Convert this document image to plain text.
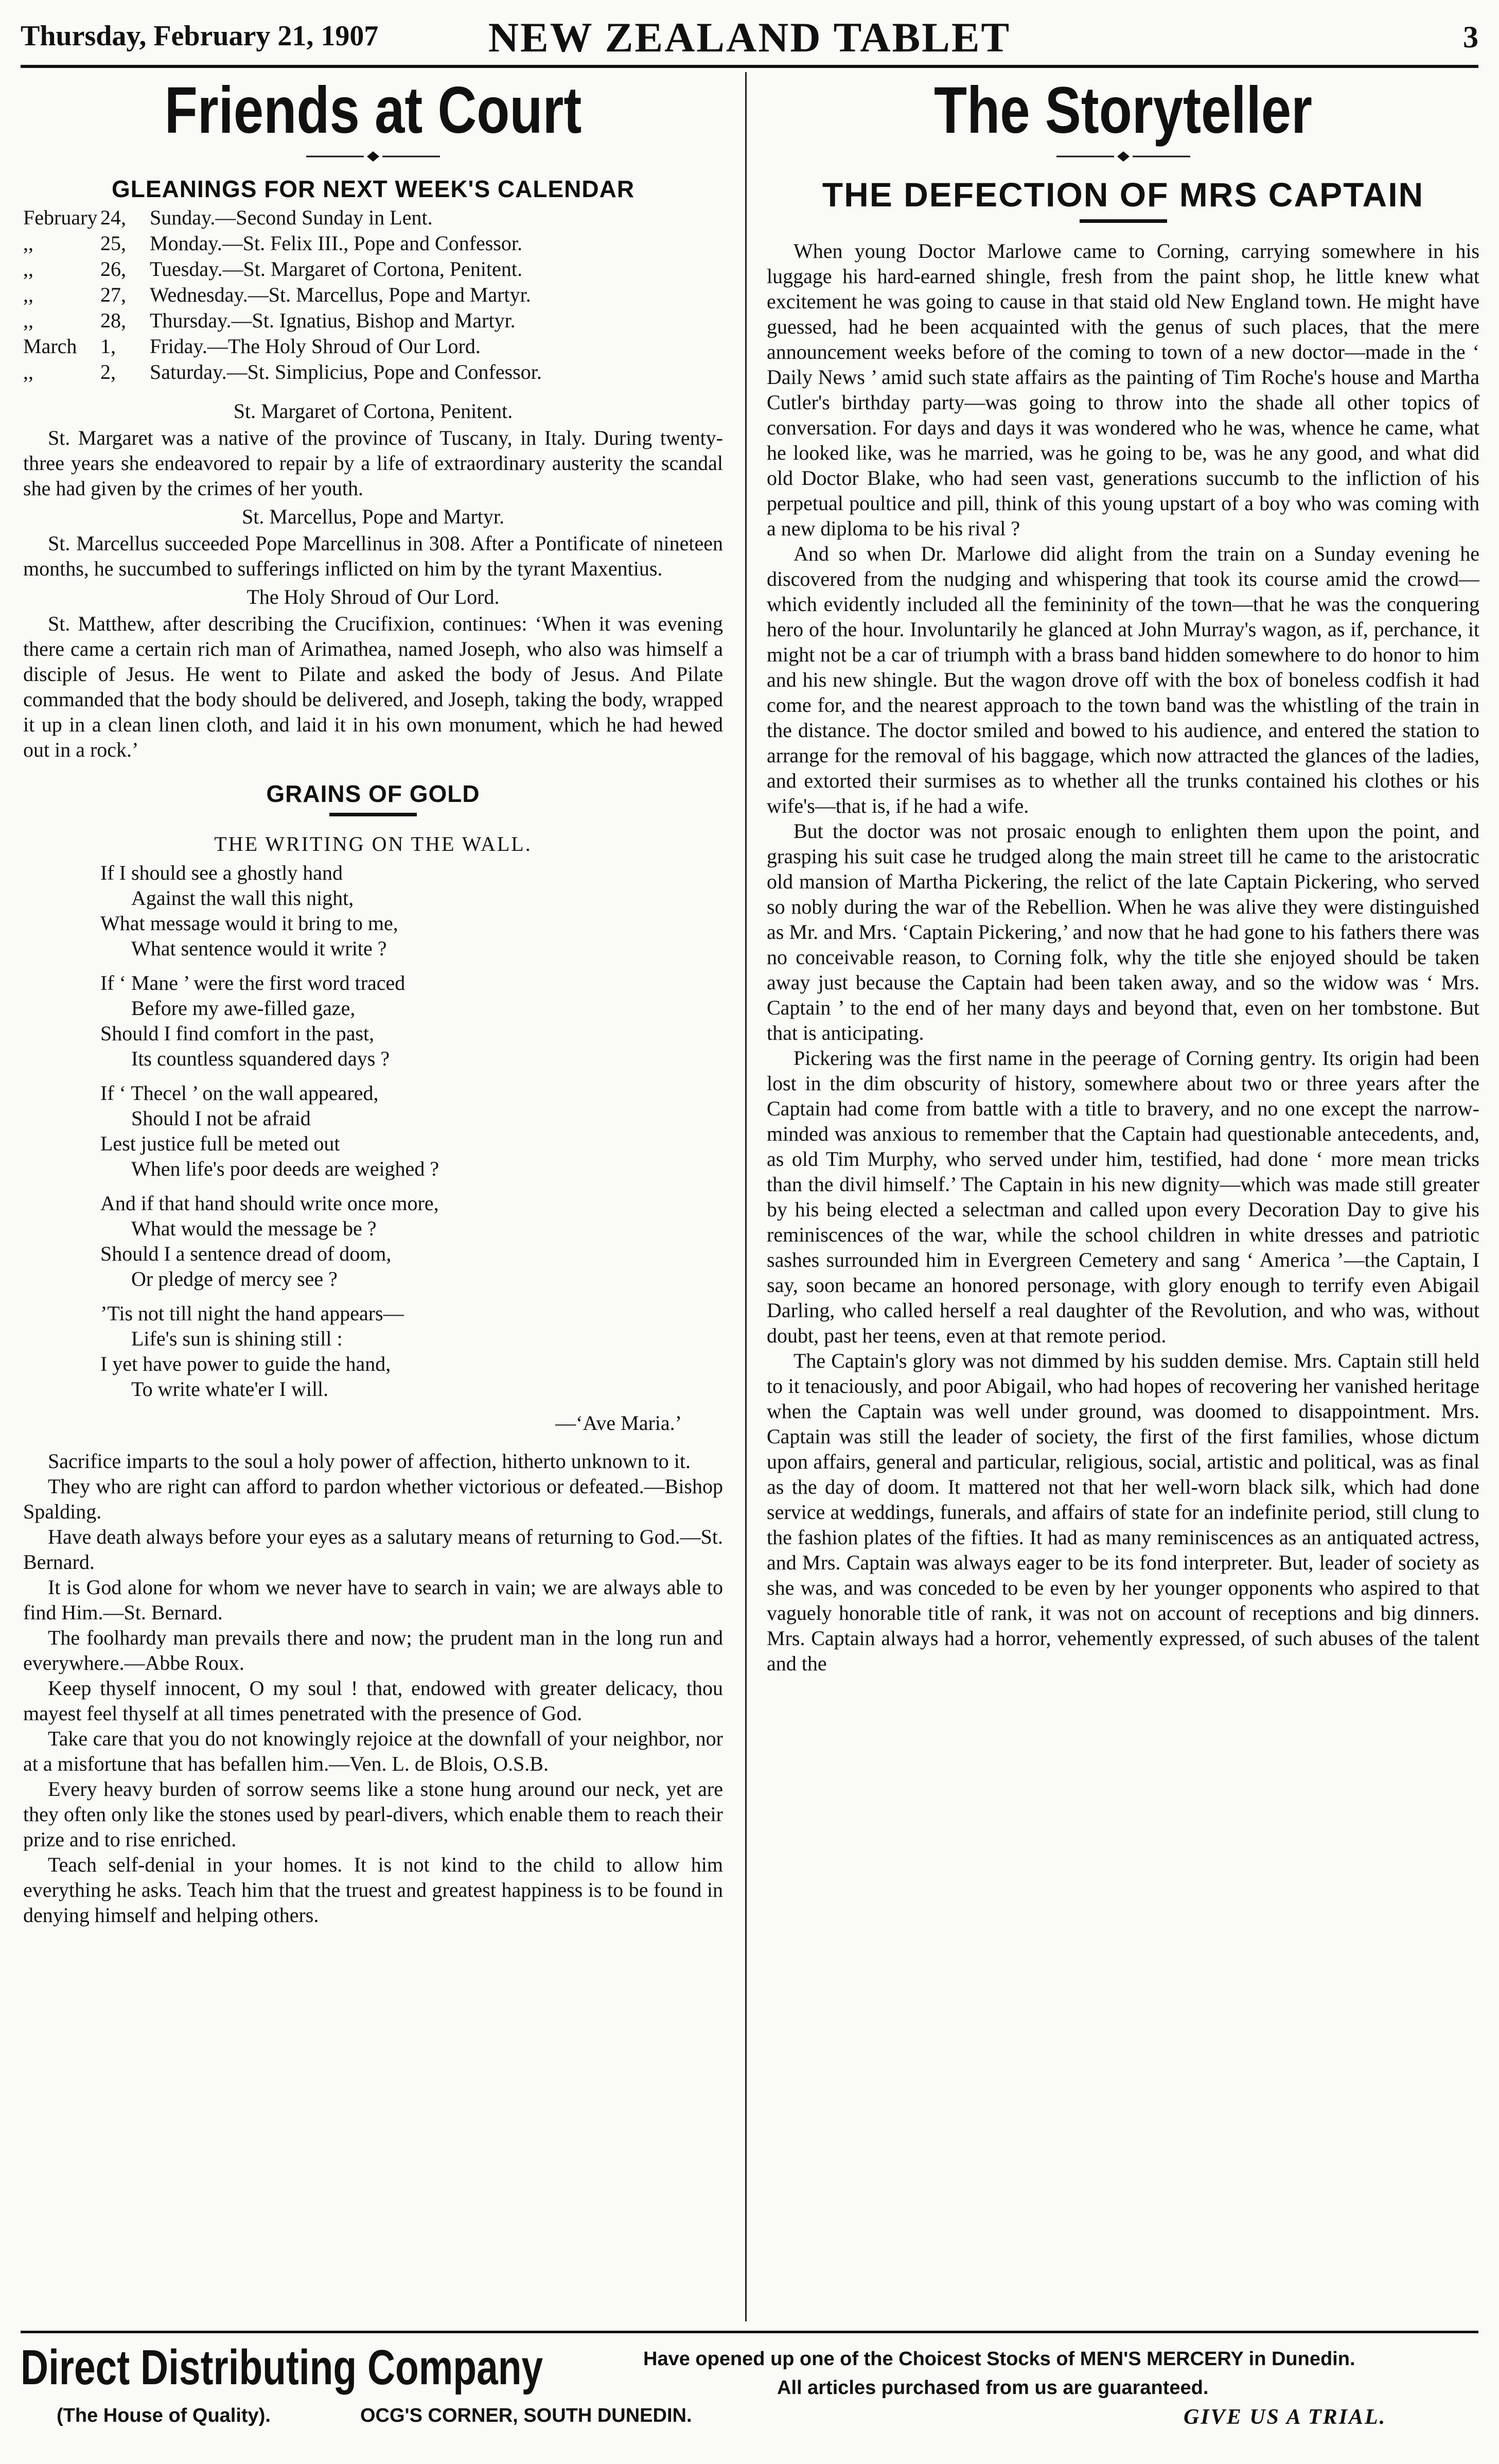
Thursday, February 21, 1907	NEW ZEALAND TABLET	3
Friends at Court
GLEANINGS FOR NEXT WEEK'S CALENDAR
February 24,	Sunday.—Second Sunday in Lent.
,,	25,	Monday.—St. Felix III., Pope and Confessor.
,,	26,	Tuesday.—St. Margaret of Cortona, Penitent.
,,	27,	Wednesday.—St. Marcellus, Pope and Martyr.
,,	28,	Thursday.—St. Ignatius, Bishop and Martyr.
March	1,	Friday.—The Holy Shroud of Our Lord.
,,	2,	Saturday.—St. Simplicius, Pope and Confessor.
St. Margaret of Cortona, Penitent.

St. Margaret was a native of the province of Tuscany, in Italy. During twenty-three years she endeavored to repair by a life of extraordinary austerity the scandal she had given by the crimes of her youth.

St. Marcellus, Pope and Martyr.

St. Marcellus succeeded Pope Marcellinus in 308. After a Pontificate of nineteen months, he succumbed to sufferings inflicted on him by the tyrant Maxentius.

The Holy Shroud of Our Lord.

St. Matthew, after describing the Crucifixion, continues: ‘When it was evening there came a certain rich man of Arimathea, named Joseph, who also was himself a disciple of Jesus. He went to Pilate and asked the body of Jesus. And Pilate commanded that the body should be delivered, and Joseph, taking the body, wrapped it up in a clean linen cloth, and laid it in his own monument, which he had hewed out in a rock.’

GRAINS OF GOLD
THE WRITING ON THE WALL.
If I should see a ghostly hand
Against the wall this night,
What message would it bring to me,
What sentence would it write ?
If ‘ Mane ’ were the first word traced
Before my awe-filled gaze,
Should I find comfort in the past,
Its countless squandered days ?
If ‘ Thecel ’ on the wall appeared,
Should I not be afraid
Lest justice full be meted out
When life's poor deeds are weighed ?
And if that hand should write once more,
What would the message be ?
Should I a sentence dread of doom,
Or pledge of mercy see ?
’Tis not till night the hand appears—
Life's sun is shining still :
I yet have power to guide the hand,
To write whate'er I will.
—‘Ave Maria.’

Sacrifice imparts to the soul a holy power of affection, hitherto unknown to it.

They who are right can afford to pardon whether victorious or defeated.—Bishop Spalding.

Have death always before your eyes as a salutary means of returning to God.—St. Bernard.

It is God alone for whom we never have to search in vain; we are always able to find Him.—St. Bernard.

The foolhardy man prevails there and now; the prudent man in the long run and everywhere.—Abbe Roux.

Keep thyself innocent, O my soul ! that, endowed with greater delicacy, thou mayest feel thyself at all times penetrated with the presence of God.

Take care that you do not knowingly rejoice at the downfall of your neighbor, nor at a misfortune that has befallen him.—Ven. L. de Blois, O.S.B.

Every heavy burden of sorrow seems like a stone hung around our neck, yet are they often only like the stones used by pearl-divers, which enable them to reach their prize and to rise enriched.

Teach self-denial in your homes. It is not kind to the child to allow him everything he asks. Teach him that the truest and greatest happiness is to be found in denying himself and helping others.

The Storyteller
THE DEFECTION OF MRS CAPTAIN

When young Doctor Marlowe came to Corning, carrying somewhere in his luggage his hard-earned shingle, fresh from the paint shop, he little knew what excitement he was going to cause in that staid old New England town. He might have guessed, had he been acquainted with the genus of such places, that the mere announcement weeks before of the coming to town of a new doctor—made in the ‘ Daily News ’ amid such state affairs as the painting of Tim Roche's house and Martha Cutler's birthday party—was going to throw into the shade all other topics of conversation. For days and days it was wondered who he was, whence he came, what he looked like, was he married, was he going to be, was he any good, and what did old Doctor Blake, who had seen vast, generations succumb to the infliction of his perpetual poultice and pill, think of this young upstart of a boy who was coming with a new diploma to be his rival ?

And so when Dr. Marlowe did alight from the train on a Sunday evening he discovered from the nudging and whispering that took its course amid the crowd—which evidently included all the femininity of the town—that he was the conquering hero of the hour. Involuntarily he glanced at John Murray's wagon, as if, perchance, it might not be a car of triumph with a brass band hidden somewhere to do honor to him and his new shingle. But the wagon drove off with the box of boneless codfish it had come for, and the nearest approach to the town band was the whistling of the train in the distance. The doctor smiled and bowed to his audience, and entered the station to arrange for the removal of his baggage, which now attracted the glances of the ladies, and extorted their surmises as to whether all the trunks contained his clothes or his wife's—that is, if he had a wife.

But the doctor was not prosaic enough to enlighten them upon the point, and grasping his suit case he trudged along the main street till he came to the aristocratic old mansion of Martha Pickering, the relict of the late Captain Pickering, who served so nobly during the war of the Rebellion. When he was alive they were distinguished as Mr. and Mrs. ‘Captain Pickering,’ and now that he had gone to his fathers there was no conceivable reason, to Corning folk, why the title she enjoyed should be taken away just because the Captain had been taken away, and so the widow was ‘ Mrs. Captain ’ to the end of her many days and beyond that, even on her tombstone. But that is anticipating.

Pickering was the first name in the peerage of Corning gentry. Its origin had been lost in the dim obscurity of history, somewhere about two or three years after the Captain had come from battle with a title to bravery, and no one except the narrow-minded was anxious to remember that the Captain had questionable antecedents, and, as old Tim Murphy, who served under him, testified, had done ‘ more mean tricks than the divil himself.’ The Captain in his new dignity—which was made still greater by his being elected a selectman and called upon every Decoration Day to give his reminiscences of the war, while the school children in white dresses and patriotic sashes surrounded him in Evergreen Cemetery and sang ‘ America ’—the Captain, I say, soon became an honored personage, with glory enough to terrify even Abigail Darling, who called herself a real daughter of the Revolution, and who was, without doubt, past her teens, even at that remote period.

The Captain's glory was not dimmed by his sudden demise. Mrs. Captain still held to it tenaciously, and poor Abigail, who had hopes of recovering her vanished heritage when the Captain was well under ground, was doomed to disappointment. Mrs. Captain was still the leader of society, the first of the first families, whose dictum upon affairs, general and particular, religious, social, artistic and political, was as final as the day of doom. It mattered not that her well-worn black silk, which had done service at weddings, funerals, and affairs of state for an indefinite period, still clung to the fashion plates of the fifties. It had as many reminiscences as an antiquated actress, and Mrs. Captain was always eager to be its fond interpreter. But, leader of society as she was, and was conceded to be even by her younger opponents who aspired to that vaguely honorable title of rank, it was not on account of receptions and big dinners. Mrs. Captain always had a horror, vehemently expressed, of such abuses of the talent and the

Direct Distributing Company
(The House of Quality).	OCG'S CORNER, SOUTH DUNEDIN.
Have opened up one of the Choicest Stocks of MEN'S MERCERY in Dunedin.
All articles purchased from us are guaranteed.
GIVE US A TRIAL.
